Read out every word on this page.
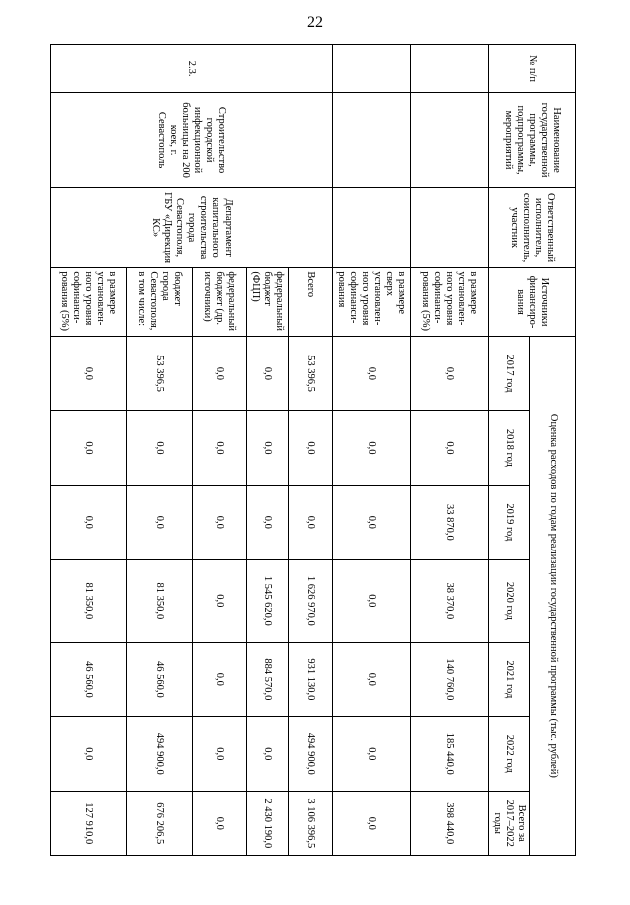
22
№ п/п	Наименование государственной программы, подпрограммы, мероприятий	Ответственный исполнитель, соисполнитель, участник	Источники финансиро-вания	Оценка расходов по годам реализации государственной программы (тыс. рублей)						
				2017 год	2018 год	2019 год	2020 год	2021 год	2022 год	Всего за 2017–2022 годы
			в размере установлен-ного уровня софинанси-рования (5%)	0,0	0,0	33 870,0	38 370,0	140 760,0	185 440,0	398 440,0
			в размере сверх установлен-ного уровня софинанси-рования	0,0	0,0	0,0	0,0	0,0	0,0	0,0
2.3.	Строительство городской инфекционной больницы на 200 коек, г. Севастополь	Департамент капитального строительства города Севастополя, ГБУ «Дирекция КС»	Всего	53 396,5	0,0	0,0	1 626 970,0	931 130,0	494 900,0	3 106 396,5
			федеральный бюджет (ФЦП)	0,0	0,0	0,0	1 545 620,0	884 570,0	0,0	2 430 190,0
			федеральный бюджет (др. источники)	0,0	0,0	0,0	0,0	0,0	0,0	0,0
			бюджет города Севастополя, в том числе:	53 396,5	0,0	0,0	81 350,0	46 560,0	494 900,0	676 206,5
			в размере установлен-ного уровня софинанси-рования (5%)	0,0	0,0	0,0	81 350,0	46 560,0	0,0	127 910,0
